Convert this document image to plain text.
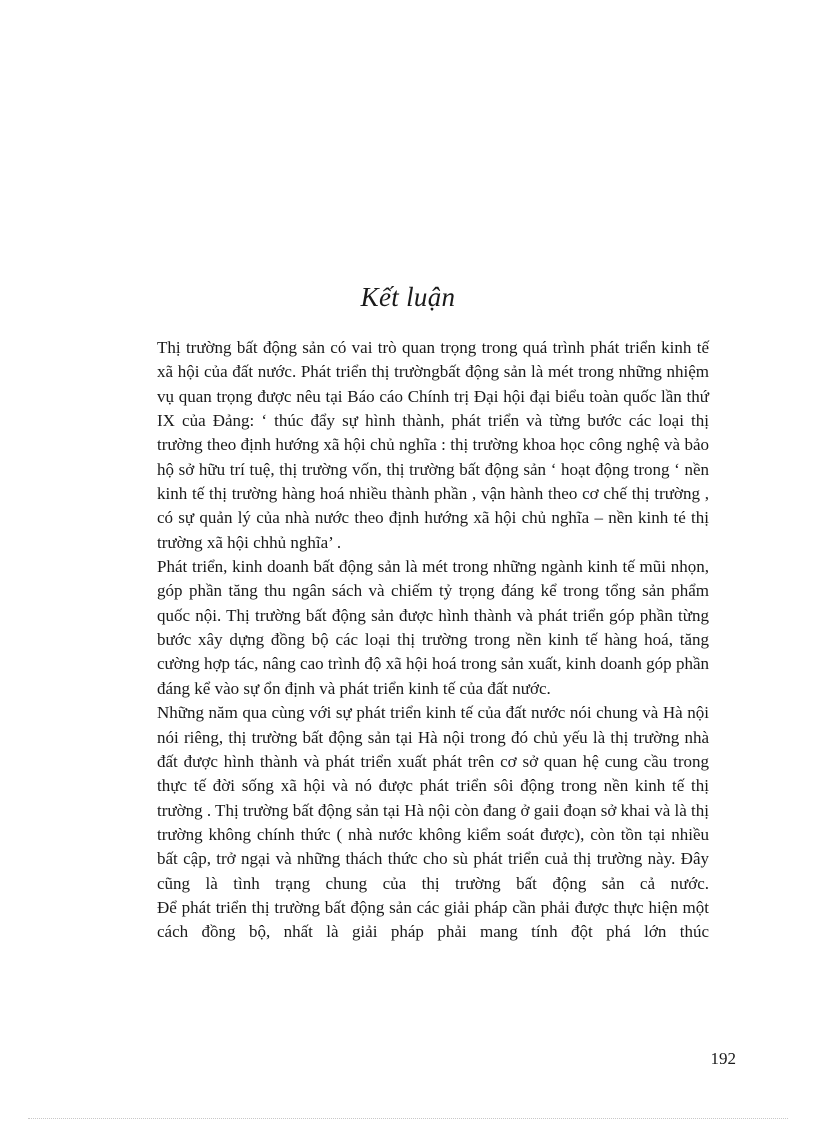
Kết luận

Thị trường bất động sản có vai trò quan trọng trong quá trình phát triển kinh tế xã hội của đất nước. Phát triển thị trườngbất động sản là mét trong những nhiệm vụ quan trọng được nêu tại Báo cáo Chính trị Đại hội đại biểu toàn quốc lần thứ IX của Đảng: ‘ thúc đẩy sự hình thành, phát triển và từng bước các loại thị trường theo định hướng xã hội chủ nghĩa : thị trường khoa học công nghệ và bảo hộ sở hữu trí tuệ, thị trường vốn, thị trường bất động sản ‘ hoạt động trong ‘ nền kinh tế thị trường hàng hoá nhiều thành phần , vận hành theo cơ chế thị trường , có sự quản lý của nhà nước theo định hướng xã hội chủ nghĩa – nền kinh té thị trường xã hội chhủ nghĩa’ .

Phát triển, kinh doanh bất động sản là mét trong những ngành kinh tế mũi nhọn, góp phần tăng thu ngân sách và chiếm tỷ trọng đáng kể trong tổng sản phẩm quốc nội. Thị trường bất động sản được hình thành và phát triển góp phần từng bước xây dựng đồng bộ các loại thị trường trong nền kinh tế hàng hoá, tăng cường hợp tác, nâng cao trình độ xã hội hoá trong sản xuất, kinh doanh góp phần đáng kể vào sự ổn định và phát triển kinh tế của đất nước.

Những năm qua cùng với sự phát triển kinh tế của đất nước nói chung và Hà nội nói riêng, thị trường bất động sản tại Hà nội trong đó chủ yếu là thị trường nhà đất được hình thành và phát triển xuất phát trên cơ sở quan hệ cung cầu trong thực tế đời sống xã hội và nó được phát triển sôi động trong nền kinh tế thị trường . Thị trường bất động sản tại Hà nội còn đang ở gaii đoạn sở khai và là thị trường không chính thức ( nhà nước không kiểm soát được), còn tồn tại nhiều bất cập, trở ngại và những thách thức cho sù phát triển cuả thị trường này. Đây cũng là tình trạng chung của thị trường bất động sản cả nước.

Để phát triển thị trường bất động sản các giải pháp cần phải được thực hiện một cách đồng bộ, nhất là giải pháp phải mang tính đột phá lớn thúc

192
